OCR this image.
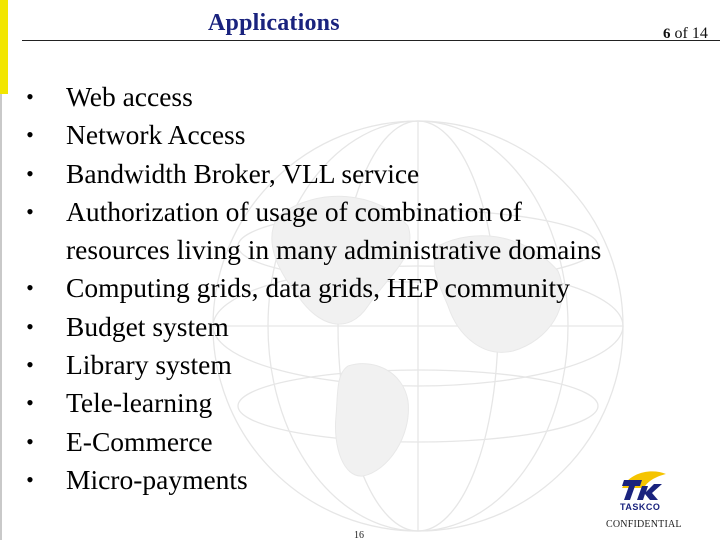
Applications	6 of 14
• Web access
• Network Access
• Bandwidth Broker, VLL service
• Authorization of usage of combination of
resources living in many administrative domains
• Computing grids, data grids, HEP community
• Budget system
• Library system
• Tele-learning
• E-Commerce
• Micro-payments
TASKCO
CONFIDENTIAL
16
